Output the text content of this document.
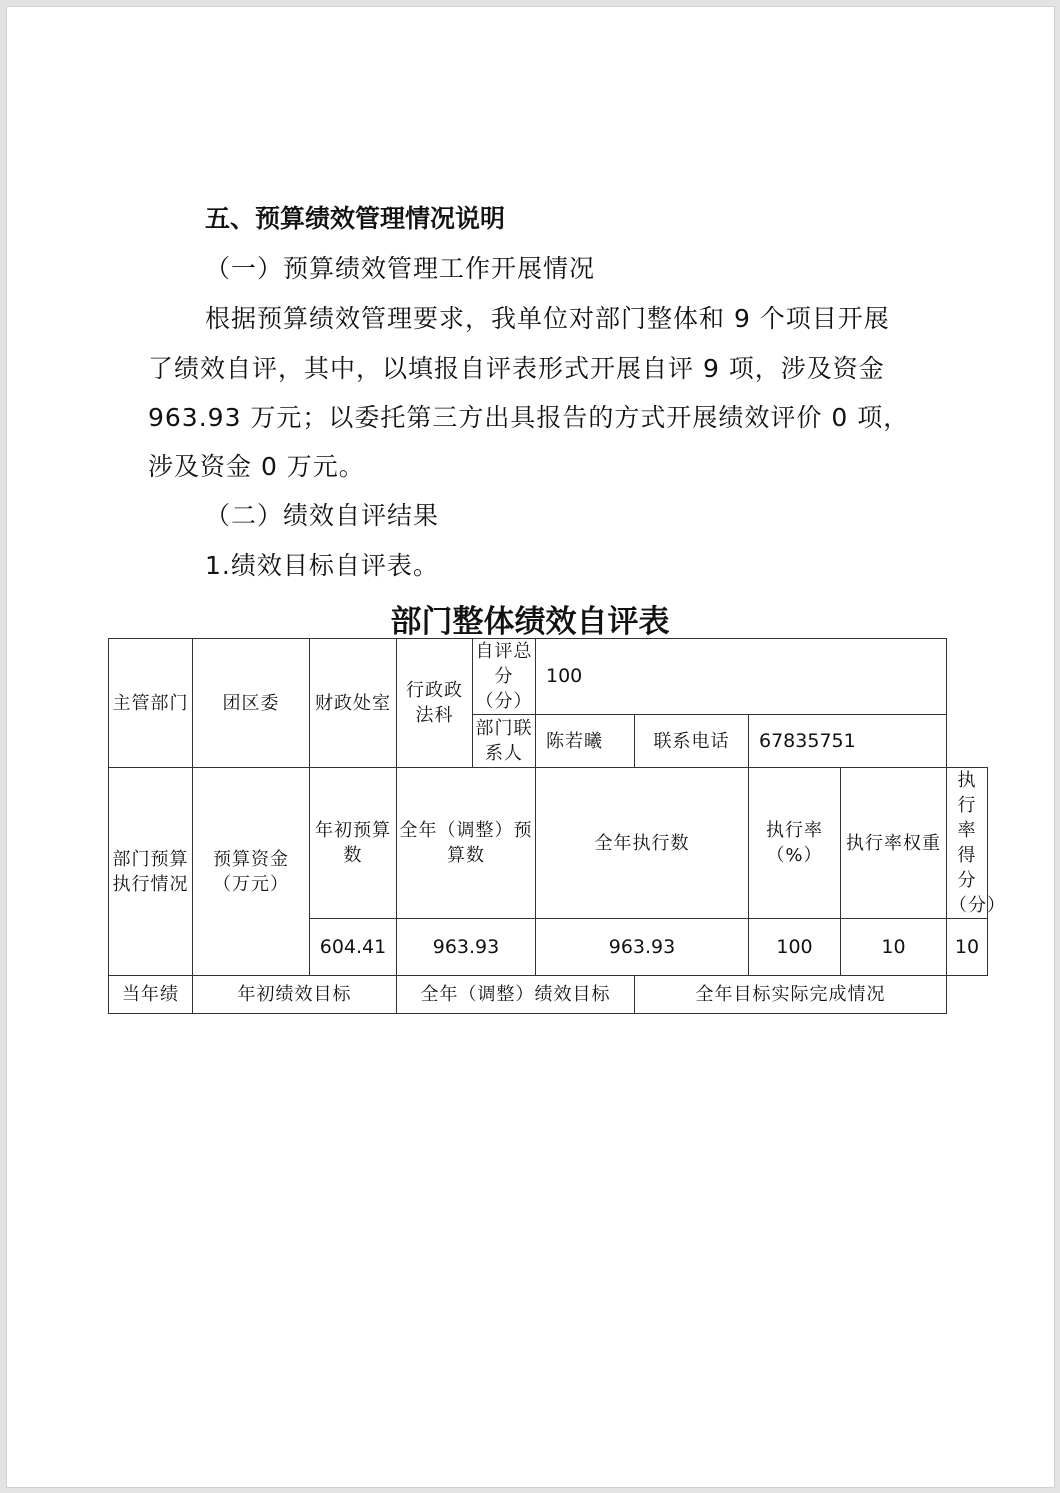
五、预算绩效管理情况说明
（一）预算绩效管理工作开展情况
根据预算绩效管理要求，我单位对部门整体和 9 个项目开展
了绩效自评，其中，以填报自评表形式开展自评 9 项，涉及资金
963.93 万元；以委托第三方出具报告的方式开展绩效评价 0 项，
涉及资金 0 万元。
（二）绩效自评结果
1.绩效目标自评表。
部门整体绩效自评表
主管部门	团区委	财政处室	行政政法科	自评总分（分）	100				
				部门联系人	陈若曦	联系电话	67835751		
部门预算执行情况	预算资金（万元）	年初预算数	全年（调整）预算数		全年执行数		执行率（%）	执行率权重	执行率得分（分）
		604.41	963.93		963.93		100	10	10
当年绩	年初绩效目标		全年（调整）绩效目标			全年目标实际完成情况			
